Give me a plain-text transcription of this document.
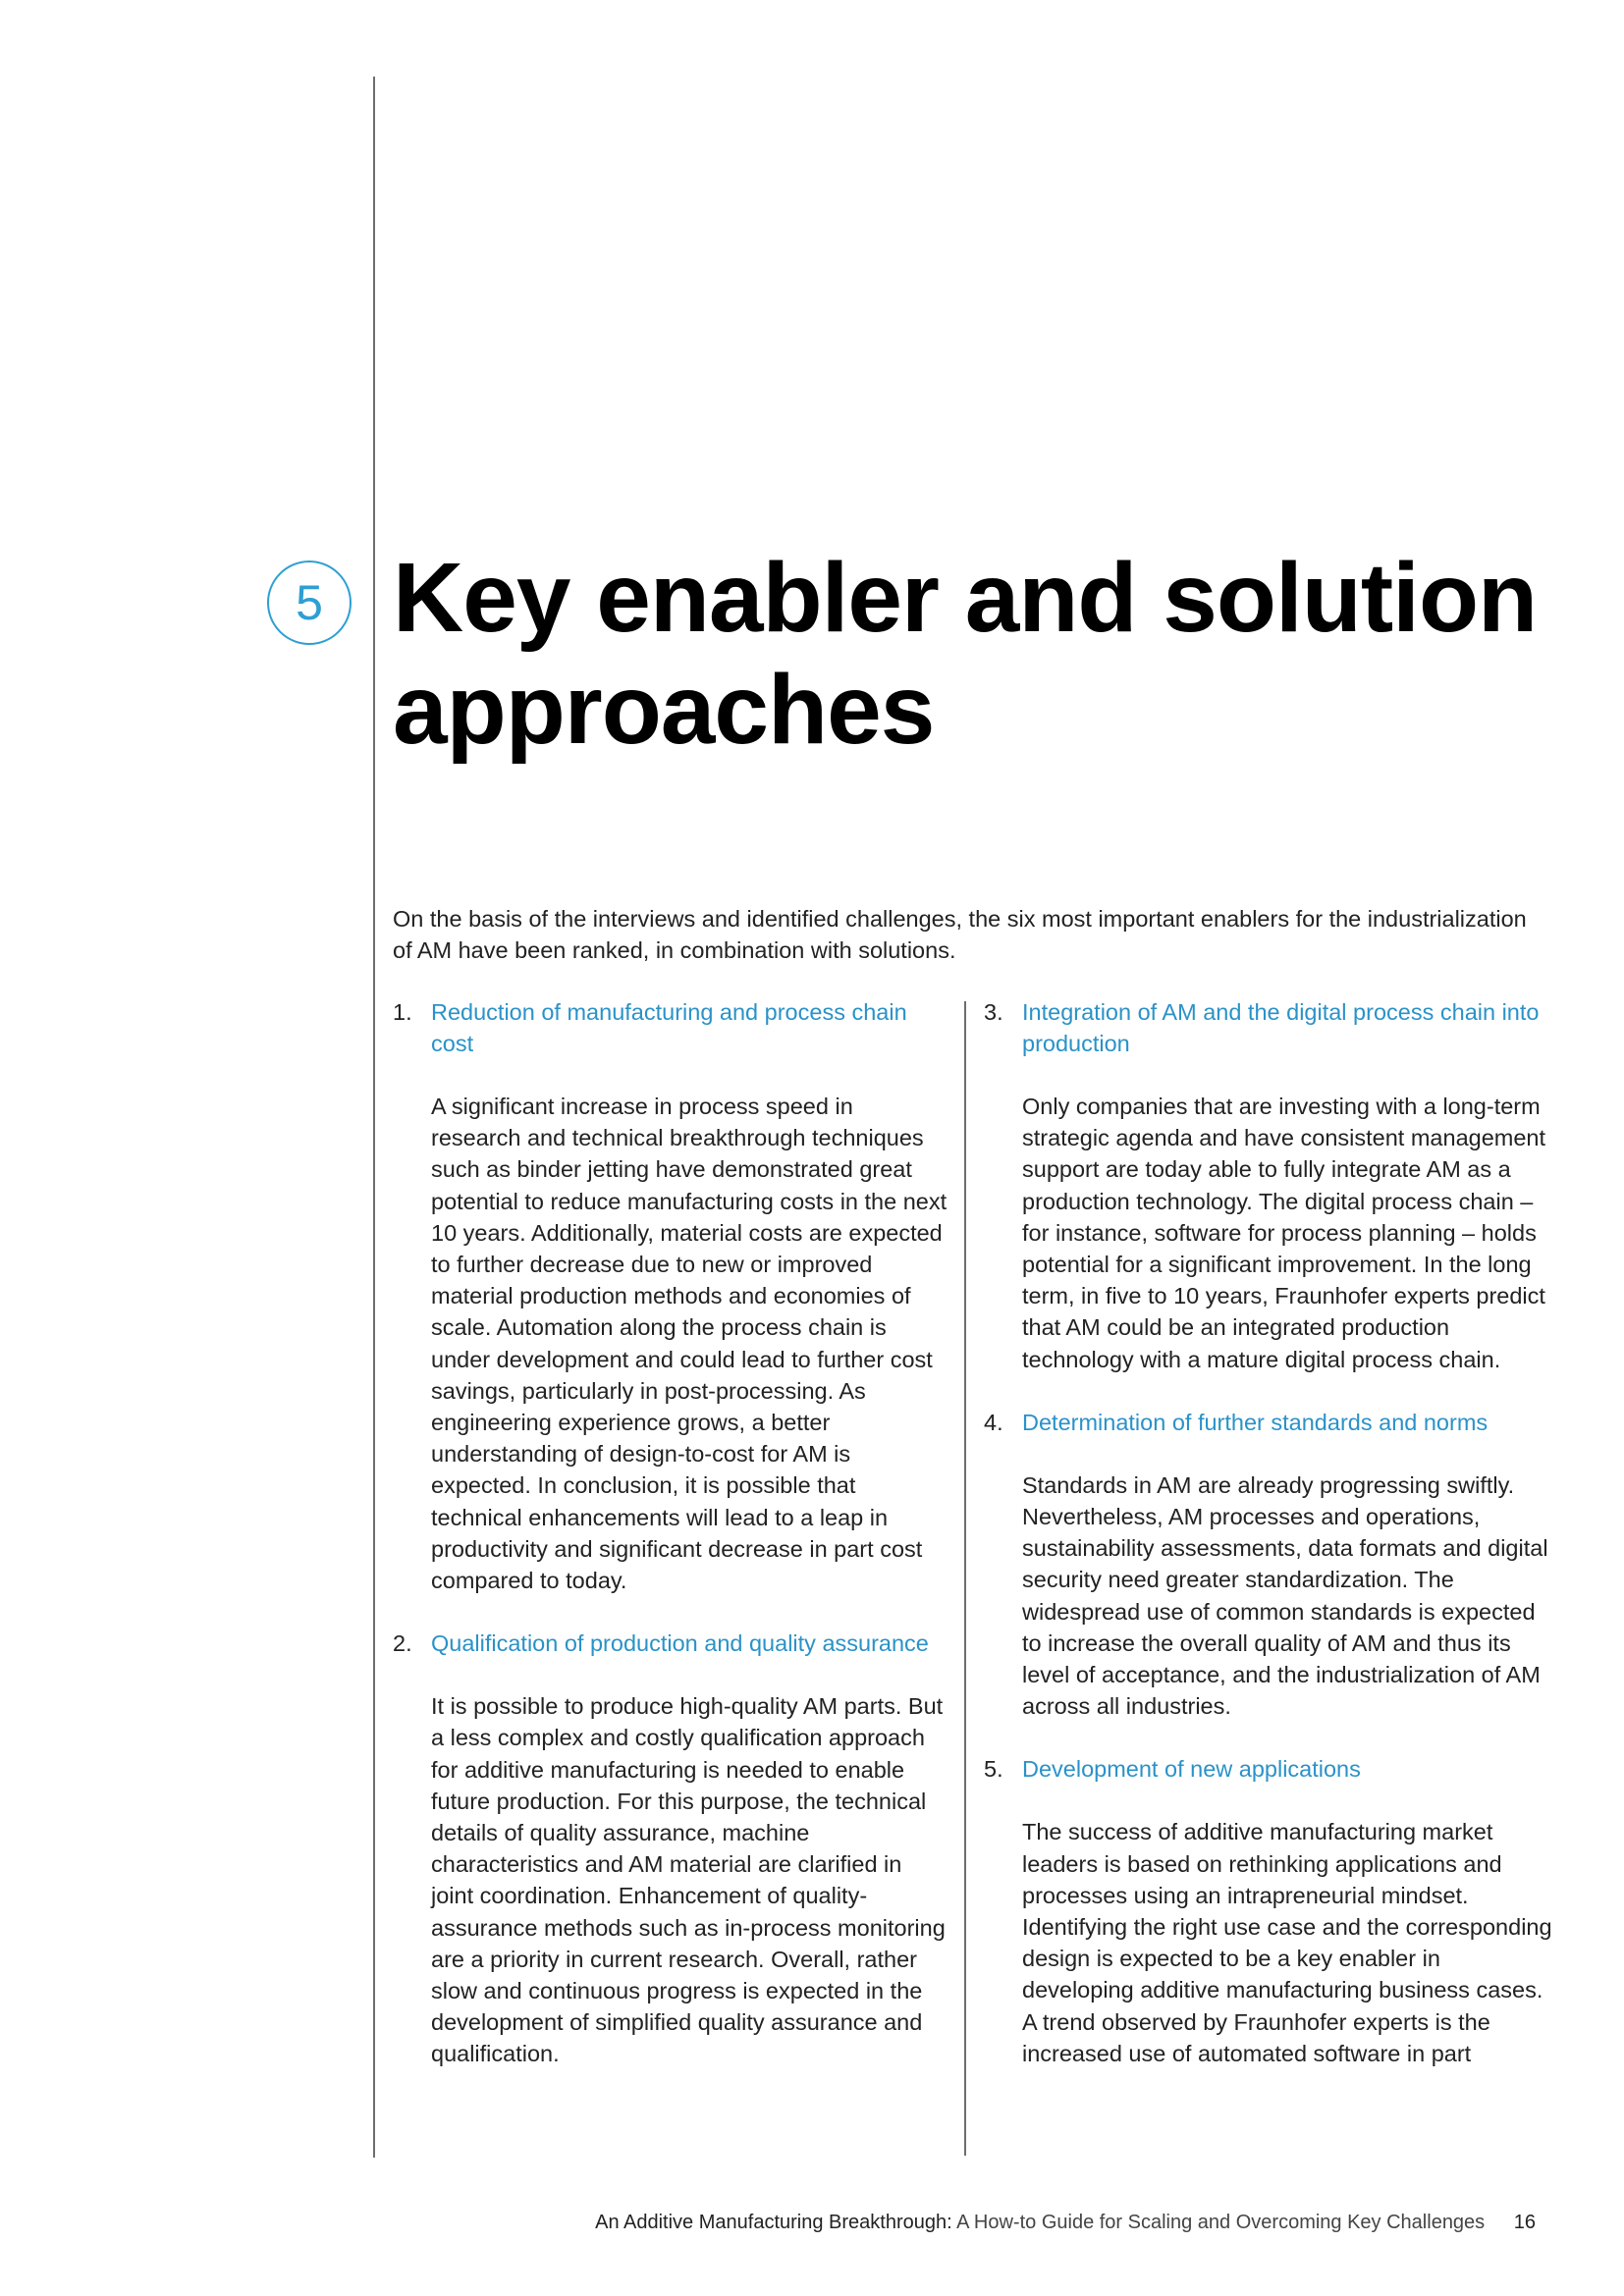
5 Key enabler and solution approaches

On the basis of the interviews and identified challenges, the six most important enablers for the industrialization of AM have been ranked, in combination with solutions.

1. Reduction of manufacturing and process chain cost
A significant increase in process speed in research and technical breakthrough techniques such as binder jetting have demonstrated great potential to reduce manufacturing costs in the next 10 years. Additionally, material costs are expected to further decrease due to new or improved material production methods and economies of scale. Automation along the process chain is under development and could lead to further cost savings, particularly in post-processing. As engineering experience grows, a better understanding of design-to-cost for AM is expected. In conclusion, it is possible that technical enhancements will lead to a leap in productivity and significant decrease in part cost compared to today.
2. Qualification of production and quality assurance
It is possible to produce high-quality AM parts. But a less complex and costly qualification approach for additive manufacturing is needed to enable future production. For this purpose, the technical details of quality assurance, machine characteristics and AM material are clarified in joint coordination. Enhancement of quality-assurance methods such as in-process monitoring are a priority in current research. Overall, rather slow and continuous progress is expected in the development of simplified quality assurance and qualification.
3. Integration of AM and the digital process chain into production
Only companies that are investing with a long-term strategic agenda and have consistent management support are today able to fully integrate AM as a production technology. The digital process chain – for instance, software for process planning – holds potential for a significant improvement. In the long term, in five to 10 years, Fraunhofer experts predict that AM could be an integrated production technology with a mature digital process chain.
4. Determination of further standards and norms
Standards in AM are already progressing swiftly. Nevertheless, AM processes and operations, sustainability assessments, data formats and digital security need greater standardization. The widespread use of common standards is expected to increase the overall quality of AM and thus its level of acceptance, and the industrialization of AM across all industries.
5. Development of new applications
The success of additive manufacturing market leaders is based on rethinking applications and processes using an intrapreneurial mindset. Identifying the right use case and the corresponding design is expected to be a key enabler in developing additive manufacturing business cases. A trend observed by Fraunhofer experts is the increased use of automated software in part
An Additive Manufacturing Breakthrough: A How-to Guide for Scaling and Overcoming Key Challenges 16
